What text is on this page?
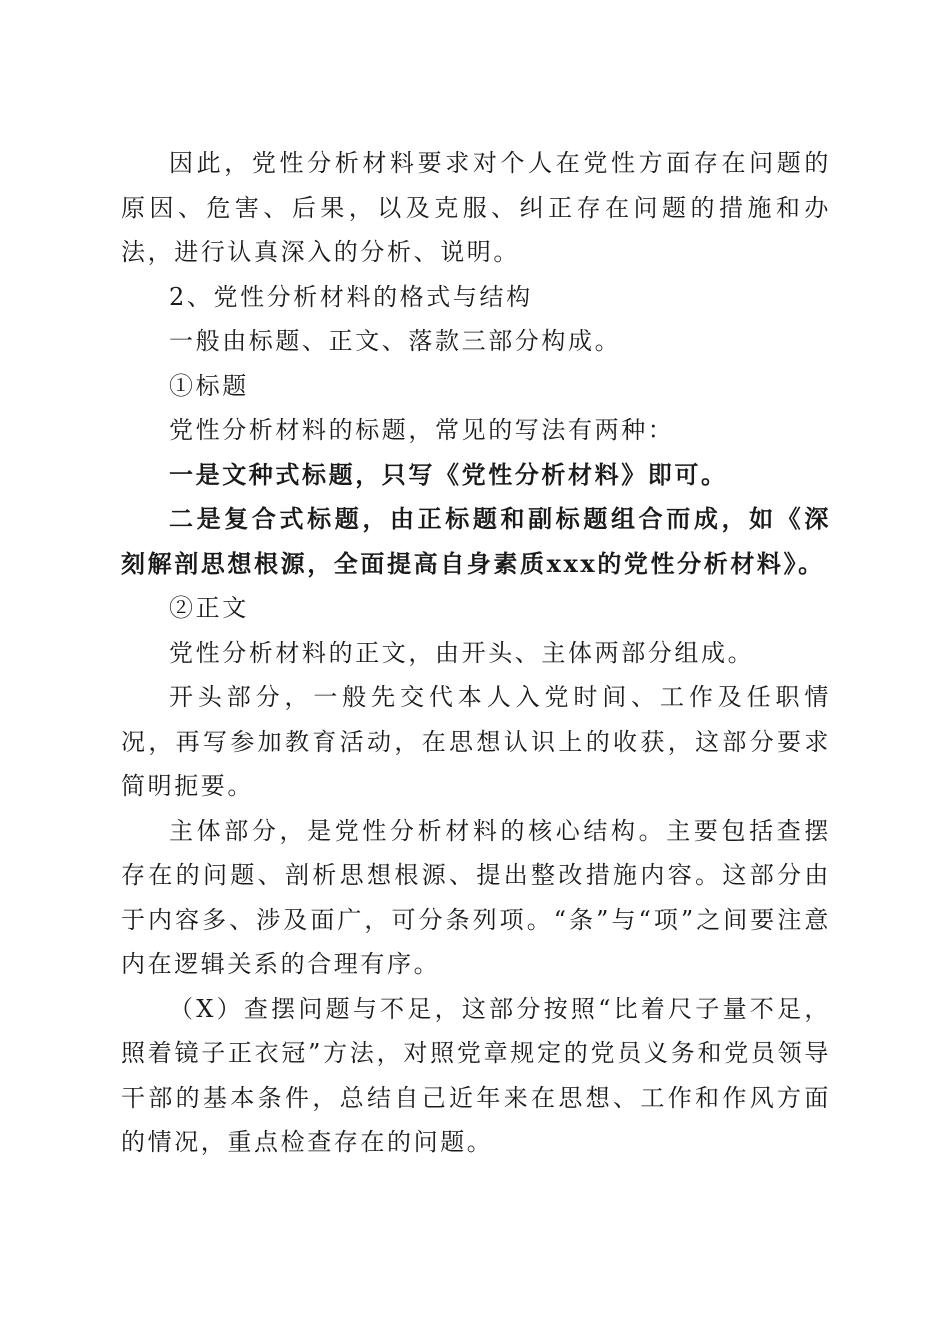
因此，党性分析材料要求对个人在党性方面存在问题的原因、危害、后果，以及克服、纠正存在问题的措施和办法，进行认真深入的分析、说明。

2、党性分析材料的格式与结构

一般由标题、正文、落款三部分构成。

①标题

党性分析材料的标题，常见的写法有两种：

一是文种式标题，只写《党性分析材料》即可。

二是复合式标题，由正标题和副标题组合而成，如《深刻解剖思想根源，全面提高自身素质xxx的党性分析材料》。

②正文

党性分析材料的正文，由开头、主体两部分组成。

开头部分，一般先交代本人入党时间、工作及任职情况，再写参加教育活动，在思想认识上的收获，这部分要求简明扼要。

主体部分，是党性分析材料的核心结构。主要包括查摆存在的问题、剖析思想根源、提出整改措施内容。这部分由于内容多、涉及面广，可分条列项。“条”与“项”之间要注意内在逻辑关系的合理有序。

（X）查摆问题与不足，这部分按照“比着尺子量不足，照着镜子正衣冠”方法，对照党章规定的党员义务和党员领导干部的基本条件，总结自己近年来在思想、工作和作风方面的情况，重点检查存在的问题。
